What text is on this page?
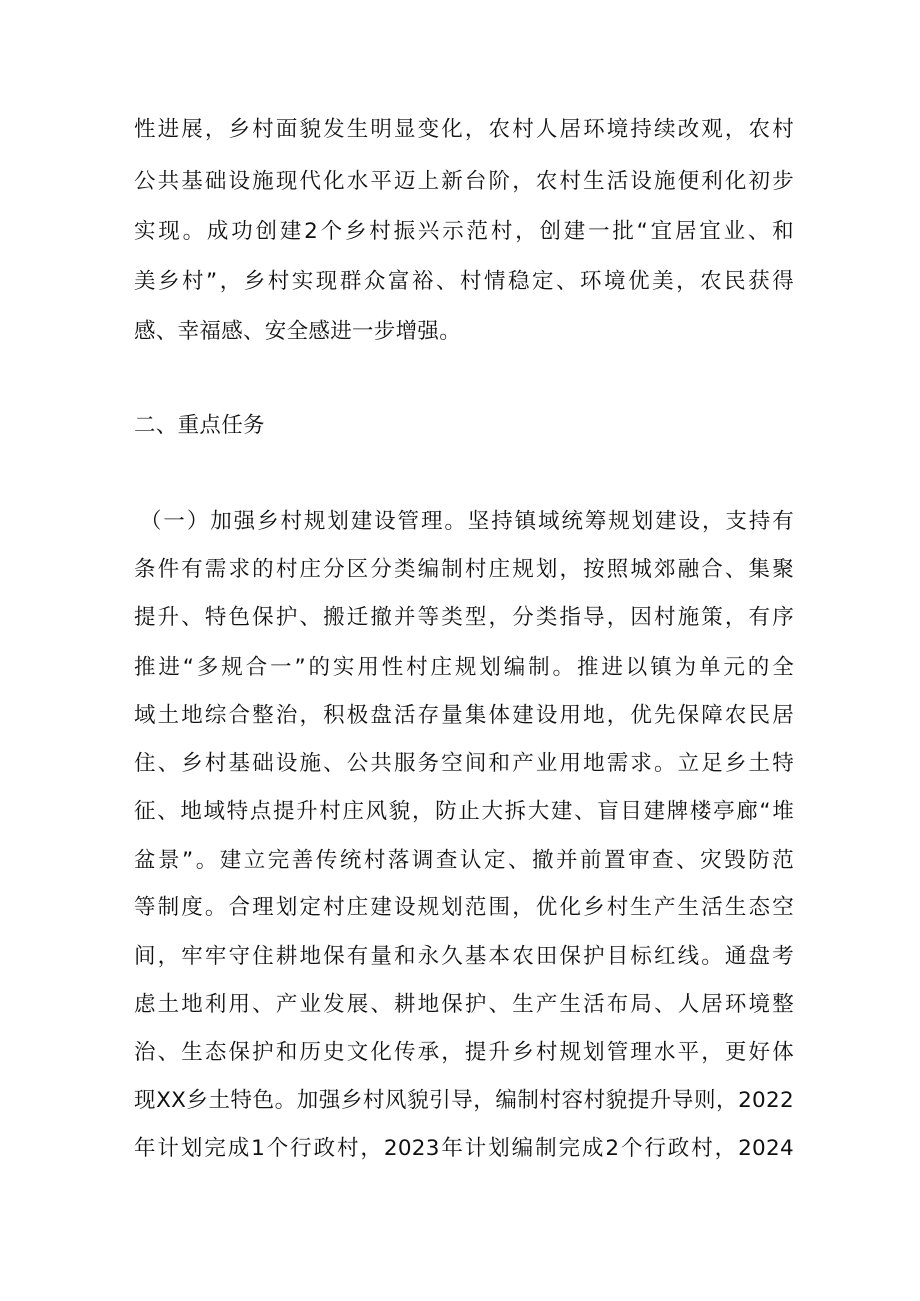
性进展，乡村面貌发生明显变化，农村人居环境持续改观，农村
公共基础设施现代化水平迈上新台阶，农村生活设施便利化初步
实现。成功创建2个乡村振兴示范村，创建一批“宜居宜业、和
美乡村”，乡村实现群众富裕、村情稳定、环境优美，农民获得
感、幸福感、安全感进一步增强。
二、重点任务
（一）加强乡村规划建设管理。坚持镇域统筹规划建设，支持有
条件有需求的村庄分区分类编制村庄规划，按照城郊融合、集聚
提升、特色保护、搬迁撤并等类型，分类指导，因村施策，有序
推进“多规合一”的实用性村庄规划编制。推进以镇为单元的全
域土地综合整治，积极盘活存量集体建设用地，优先保障农民居
住、乡村基础设施、公共服务空间和产业用地需求。立足乡土特
征、地域特点提升村庄风貌，防止大拆大建、盲目建牌楼亭廊“堆
盆景”。建立完善传统村落调查认定、撤并前置审查、灾毁防范
等制度。合理划定村庄建设规划范围，优化乡村生产生活生态空
间，牢牢守住耕地保有量和永久基本农田保护目标红线。通盘考
虑土地利用、产业发展、耕地保护、生产生活布局、人居环境整
治、生态保护和历史文化传承，提升乡村规划管理水平，更好体
现XX乡土特色。加强乡村风貌引导，编制村容村貌提升导则，2022
年计划完成1个行政村，2023年计划编制完成2个行政村，2024
